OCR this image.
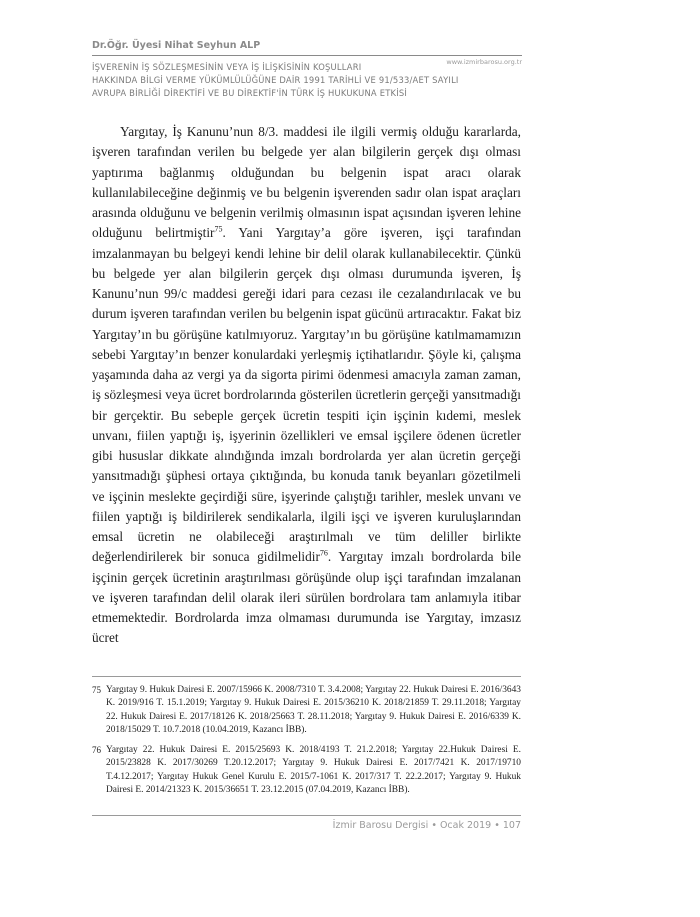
Dr.Öğr. Üyesi Nihat Seyhun ALP

www.izmirbarosu.org.tr
İŞVERENİN İŞ SÖZLEŞMESİNİN VEYA İŞ İLİŞKİSİNİN KOŞULLARI
HAKKINDA BİLGİ VERME YÜKÜMLÜLÜĞÜNE DAİR 1991 TARİHLİ VE 91/533/AET SAYILI
AVRUPA BİRLİĞİ DİREKTİFİ VE BU DİREKTİF'İN TÜRK İŞ HUKUKUNA ETKİSİ

Yargıtay, İş Kanunu’nun 8/3. maddesi ile ilgili vermiş olduğu kararlarda, işveren tarafından verilen bu belgede yer alan bilgilerin gerçek dışı olması yaptırıma bağlanmış olduğundan bu belgenin ispat aracı olarak kullanılabileceğine değinmiş ve bu belgenin işverenden sadır olan ispat araçları arasında olduğunu ve belgenin verilmiş olmasının ispat açısından işveren lehine olduğunu belirtmiştir$^{75}$. Yani Yargıtay’a göre işveren, işçi tarafından imzalanmayan bu belgeyi kendi lehine bir delil olarak kullanabilecektir. Çünkü bu belgede yer alan bilgilerin gerçek dışı olması durumunda işveren, İş Kanunu’nun 99/c maddesi gereği idari para cezası ile cezalandırılacak ve bu durum işveren tarafından verilen bu belgenin ispat gücünü artıracaktır. Fakat biz Yargıtay’ın bu görüşüne katılmıyoruz. Yargıtay’ın bu görüşüne katılmamamızın sebebi Yargıtay’ın benzer konulardaki yerleşmiş içtihatlarıdır. Şöyle ki, çalışma yaşamında daha az vergi ya da sigorta pirimi ödenmesi amacıyla zaman zaman, iş sözleşmesi veya ücret bordrolarında gösterilen ücretlerin gerçeği yansıtmadığı bir gerçektir. Bu sebeple gerçek ücretin tespiti için işçinin kıdemi, meslek unvanı, fiilen yaptığı iş, işyerinin özellikleri ve emsal işçilere ödenen ücretler gibi hususlar dikkate alındığında imzalı bordrolarda yer alan ücretin gerçeği yansıtmadığı şüphesi ortaya çıktığında, bu konuda tanık beyanları gözetilmeli ve işçinin meslekte geçirdiği süre, işyerinde çalıştığı tarihler, meslek unvanı ve fiilen yaptığı iş bildirilerek sendikalarla, ilgili işçi ve işveren kuruluşlarından emsal ücretin ne olabileceği araştırılmalı ve tüm deliller birlikte değerlendirilerek bir sonuca gidilmelidir$^{76}$. Yargıtay imzalı bordrolarda bile işçinin gerçek ücretinin araştırılması görüşünde olup işçi tarafından imzalanan ve işveren tarafından delil olarak ileri sürülen bordrolara tam anlamıyla itibar etmemektedir. Bordrolarda imza olmaması durumunda ise Yargıtay, imzasız ücret

75 Yargıtay 9. Hukuk Dairesi E. 2007/15966 K. 2008/7310 T. 3.4.2008; Yargıtay 22. Hukuk Dairesi E. 2016/3643 K. 2019/916 T. 15.1.2019; Yargıtay 9. Hukuk Dairesi E. 2015/36210 K. 2018/21859 T. 29.11.2018; Yargıtay 22. Hukuk Dairesi E. 2017/18126 K. 2018/25663 T. 28.11.2018; Yargıtay 9. Hukuk Dairesi E. 2016/6339 K. 2018/15029 T. 10.7.2018 (10.04.2019, Kazancı İBB).

76 Yargıtay 22. Hukuk Dairesi E. 2015/25693 K. 2018/4193 T. 21.2.2018; Yargıtay 22.Hukuk Dairesi E. 2015/23828 K. 2017/30269 T.20.12.2017; Yargıtay 9. Hukuk Dairesi E. 2017/7421 K. 2017/19710 T.4.12.2017; Yargıtay Hukuk Genel Kurulu E. 2015/7-1061 K. 2017/317 T. 22.2.2017; Yargıtay 9. Hukuk Dairesi E. 2014/21323 K. 2015/36651 T. 23.12.2015 (07.04.2019, Kazancı İBB).

İzmir Barosu Dergisi • Ocak 2019 • 107
